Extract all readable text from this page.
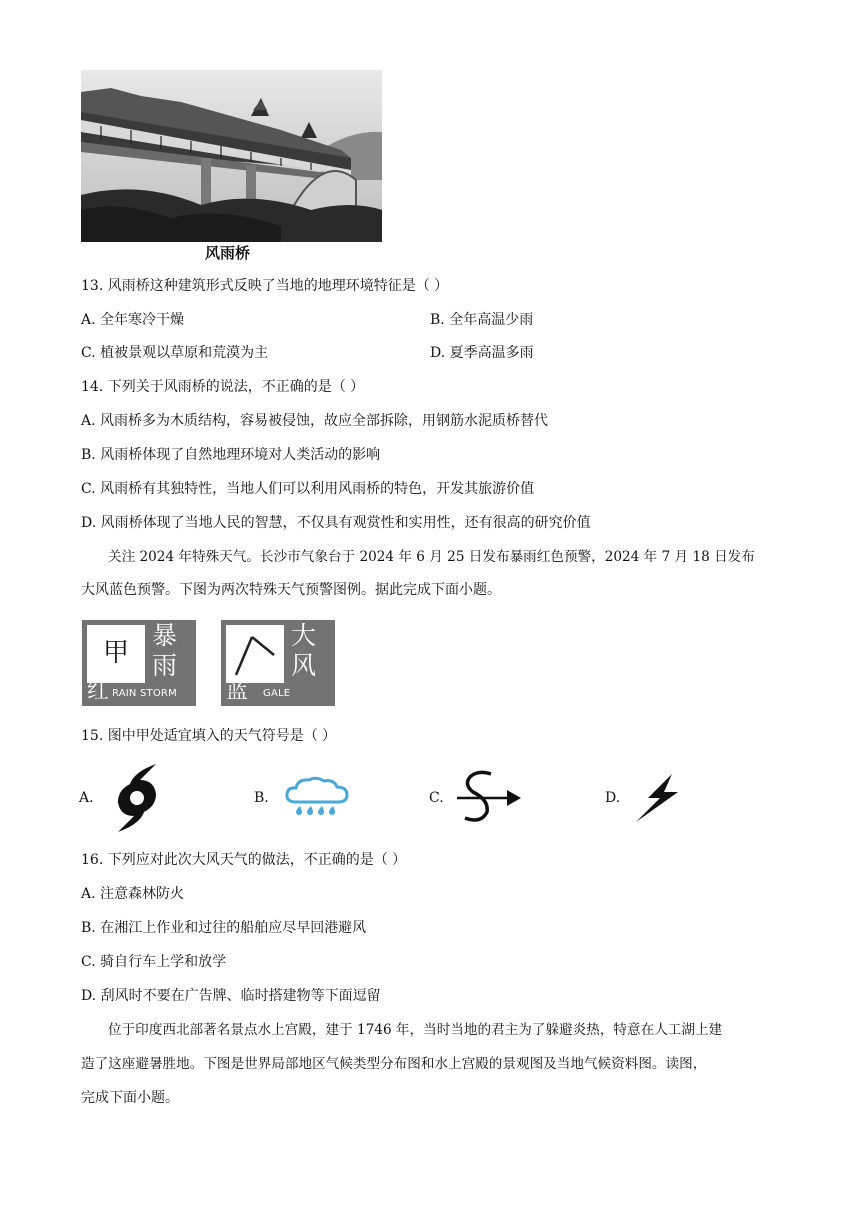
风雨桥
13. 风雨桥这种建筑形式反映了当地的地理环境特征是（ ）
A. 全年寒冷干燥	B. 全年高温少雨
C. 植被景观以草原和荒漠为主	D. 夏季高温多雨
14. 下列关于风雨桥的说法，不正确的是（ ）
A. 风雨桥多为木质结构，容易被侵蚀，故应全部拆除，用钢筋水泥质桥替代
B. 风雨桥体现了自然地理环境对人类活动的影响
C. 风雨桥有其独特性，当地人们可以利用风雨桥的特色，开发其旅游价值
D. 风雨桥体现了当地人民的智慧，不仅具有观赏性和实用性，还有很高的研究价值
关注 2024 年特殊天气。长沙市气象台于 2024 年 6 月 25 日发布暴雨红色预警，2024 年 7 月 18 日发布
大风蓝色预警。下图为两次特殊天气预警图例。据此完成下面小题。
甲
暴
雨
红 RAIN STORM
大
风
蓝 GALE
15. 图中甲处适宜填入的天气符号是（ ）
A.	B.	C.	D.
16. 下列应对此次大风天气的做法，不正确的是（ ）
A. 注意森林防火
B. 在湘江上作业和过往的船舶应尽早回港避风
C. 骑自行车上学和放学
D. 刮风时不要在广告牌、临时搭建物等下面逗留
位于印度西北部著名景点水上宫殿，建于 1746 年，当时当地的君主为了躲避炎热，特意在人工湖上建
造了这座避暑胜地。下图是世界局部地区气候类型分布图和水上宫殿的景观图及当地气候资料图。读图，
完成下面小题。
